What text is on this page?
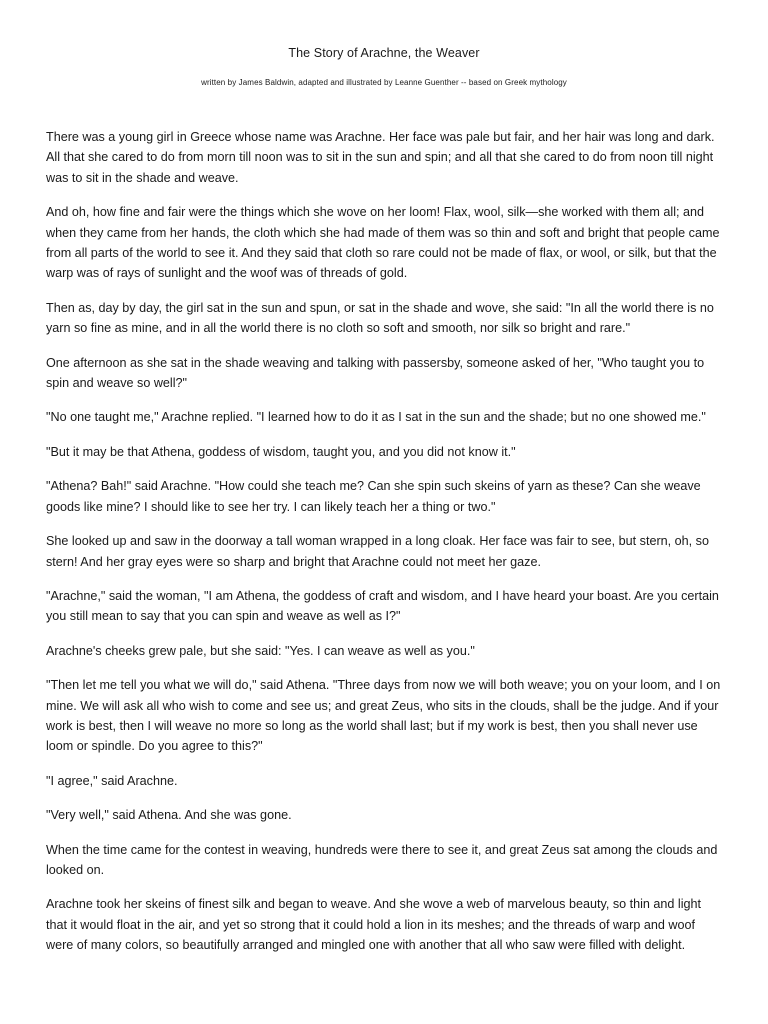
The Story of Arachne, the Weaver
written by James Baldwin, adapted and illustrated by Leanne Guenther -- based on Greek mythology

There was a young girl in Greece whose name was Arachne. Her face was pale but fair, and her hair was long and dark. All that she cared to do from morn till noon was to sit in the sun and spin; and all that she cared to do from noon till night was to sit in the shade and weave.

And oh, how fine and fair were the things which she wove on her loom! Flax, wool, silk—she worked with them all; and when they came from her hands, the cloth which she had made of them was so thin and soft and bright that people came from all parts of the world to see it. And they said that cloth so rare could not be made of flax, or wool, or silk, but that the warp was of rays of sunlight and the woof was of threads of gold.

Then as, day by day, the girl sat in the sun and spun, or sat in the shade and wove, she said: "In all the world there is no yarn so fine as mine, and in all the world there is no cloth so soft and smooth, nor silk so bright and rare."

One afternoon as she sat in the shade weaving and talking with passersby, someone asked of her, "Who taught you to spin and weave so well?"

"No one taught me," Arachne replied. "I learned how to do it as I sat in the sun and the shade; but no one showed me."

"But it may be that Athena, goddess of wisdom, taught you, and you did not know it."

"Athena? Bah!" said Arachne. "How could she teach me? Can she spin such skeins of yarn as these? Can she weave goods like mine? I should like to see her try. I can likely teach her a thing or two."

She looked up and saw in the doorway a tall woman wrapped in a long cloak. Her face was fair to see, but stern, oh, so stern! And her gray eyes were so sharp and bright that Arachne could not meet her gaze.

"Arachne," said the woman, "I am Athena, the goddess of craft and wisdom, and I have heard your boast. Are you certain you still mean to say that you can spin and weave as well as I?"

Arachne's cheeks grew pale, but she said: "Yes. I can weave as well as you."

"Then let me tell you what we will do," said Athena. "Three days from now we will both weave; you on your loom, and I on mine. We will ask all who wish to come and see us; and great Zeus, who sits in the clouds, shall be the judge. And if your work is best, then I will weave no more so long as the world shall last; but if my work is best, then you shall never use loom or spindle. Do you agree to this?"

"I agree," said Arachne.

"Very well," said Athena. And she was gone.

When the time came for the contest in weaving, hundreds were there to see it, and great Zeus sat among the clouds and looked on.

Arachne took her skeins of finest silk and began to weave. And she wove a web of marvelous beauty, so thin and light that it would float in the air, and yet so strong that it could hold a lion in its meshes; and the threads of warp and woof were of many colors, so beautifully arranged and mingled one with another that all who saw were filled with delight.
